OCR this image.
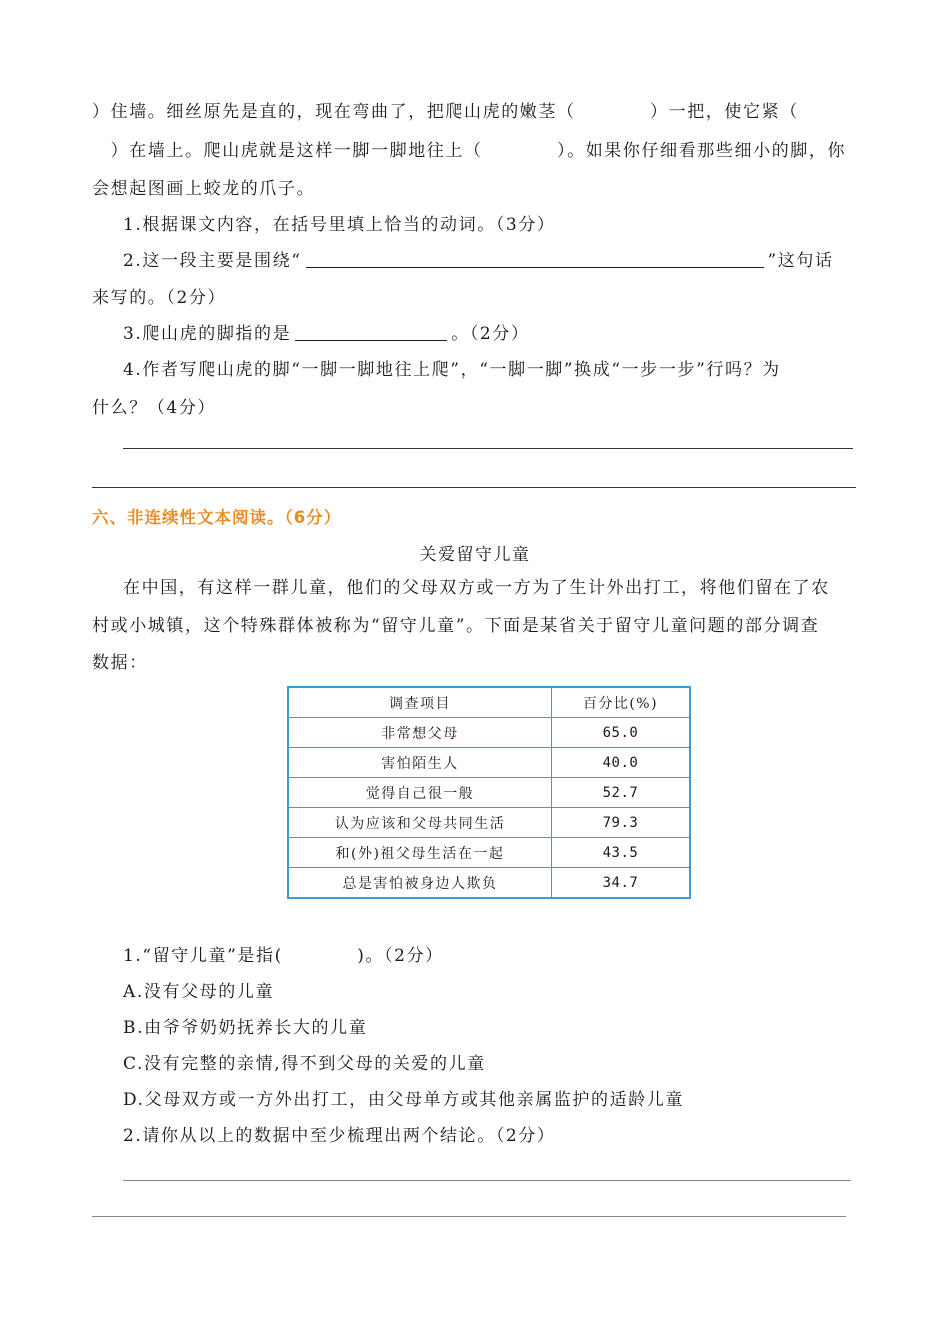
）住墙。细丝原先是直的，现在弯曲了，把爬山虎的嫩茎（　　　　）一把，使它紧（
　）在墙上。爬山虎就是这样一脚一脚地往上（　　　　）。如果你仔细看那些细小的脚，你
会想起图画上蛟龙的爪子。
1.根据课文内容，在括号里填上恰当的动词。（3分）
2.这一段主要是围绕“	”这句话
来写的。（2分）
3.爬山虎的脚指的是	。（2分）
4.作者写爬山虎的脚“一脚一脚地往上爬”，“一脚一脚”换成“一步一步”行吗？为
什么？（4分）
六、非连续性文本阅读。（6分）
关爱留守儿童
在中国，有这样一群儿童，他们的父母双方或一方为了生计外出打工，将他们留在了农
村或小城镇，这个特殊群体被称为“留守儿童”。下面是某省关于留守儿童问题的部分调查
数据：
调查项目	百分比(%)
非常想父母	65.0
害怕陌生人	40.0
觉得自己很一般	52.7
认为应该和父母共同生活	79.3
和(外)祖父母生活在一起	43.5
总是害怕被身边人欺负	34.7
1.“留守儿童”是指(　　　　)。（2分）
A.没有父母的儿童
B.由爷爷奶奶抚养长大的儿童
C.没有完整的亲情,得不到父母的关爱的儿童
D.父母双方或一方外出打工，由父母单方或其他亲属监护的适龄儿童
2.请你从以上的数据中至少梳理出两个结论。（2分）
